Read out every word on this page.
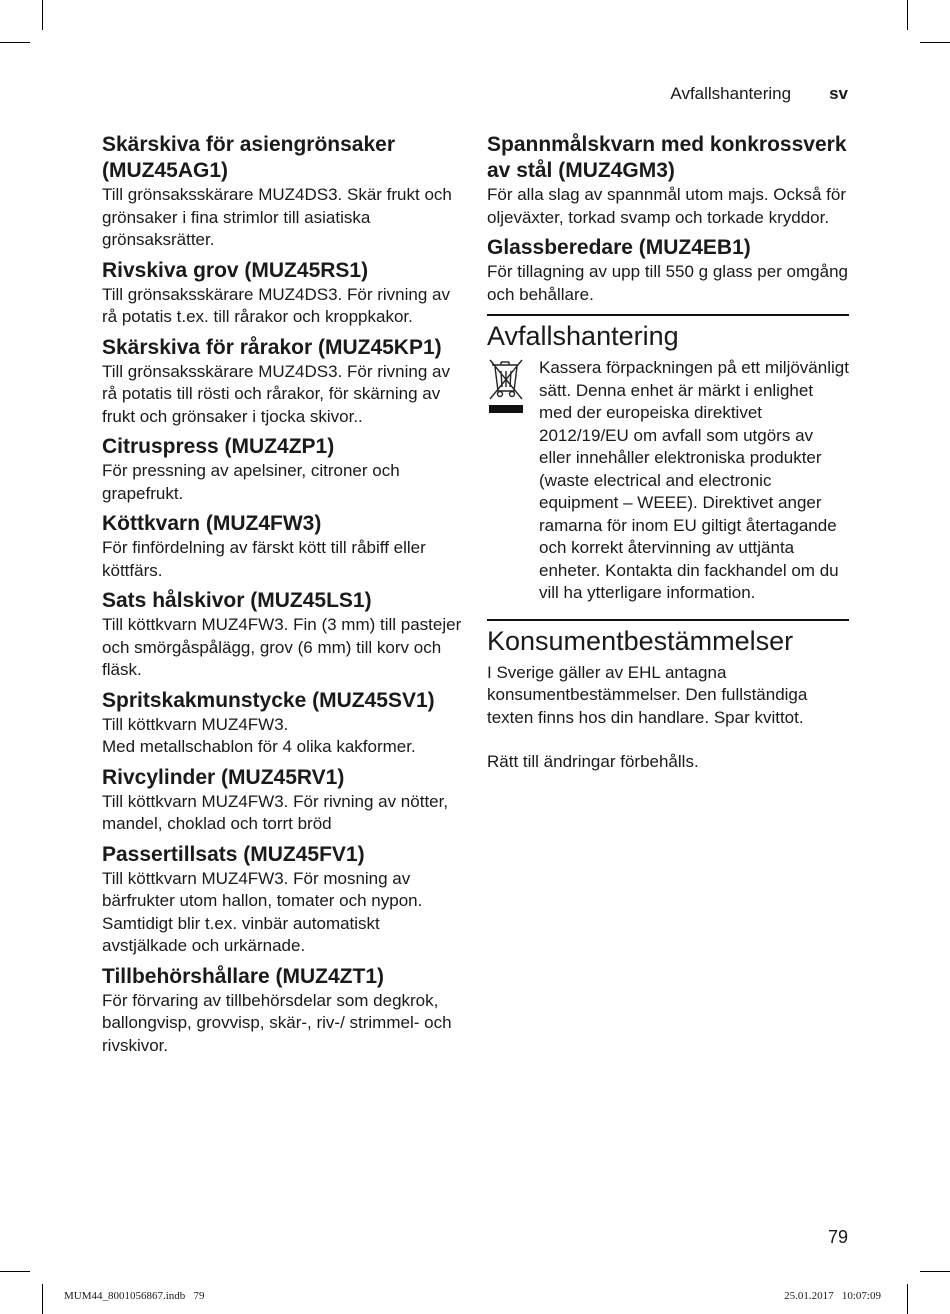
Avfallshantering sv
Skärskiva för asiengrönsaker (MUZ45AG1)

Till grönsaksskärare MUZ4DS3. Skär frukt och grönsaker i fina strimlor till asiatiska grönsaksrätter.

Rivskiva grov (MUZ45RS1)

Till grönsaksskärare MUZ4DS3. För rivning av rå potatis t.ex. till rårakor och kroppkakor.

Skärskiva för rårakor (MUZ45KP1)

Till grönsaksskärare MUZ4DS3. För rivning av rå potatis till rösti och rårakor, för skärning av frukt och grönsaker i tjocka skivor..

Citruspress (MUZ4ZP1)

För pressning av apelsiner, citroner och grapefrukt.

Köttkvarn (MUZ4FW3)

För finfördelning av färskt kött till råbiff eller köttfärs.

Sats hålskivor (MUZ45LS1)

Till köttkvarn MUZ4FW3. Fin (3 mm) till pastejer och smörgåspålägg, grov (6 mm) till korv och fläsk.

Spritskakmunstycke (MUZ45SV1)

Till köttkvarn MUZ4FW3.
Med metallschablon för 4 olika kakformer.

Rivcylinder (MUZ45RV1)

Till köttkvarn MUZ4FW3. För rivning av nötter, mandel, choklad och torrt bröd

Passertillsats (MUZ45FV1)

Till köttkvarn MUZ4FW3. För mosning av bärfrukter utom hallon, tomater och nypon. Samtidigt blir t.ex. vinbär automatiskt avstjälkade och urkärnade.

Tillbehörshållare (MUZ4ZT1)

För förvaring av tillbehörsdelar som degkrok, ballongvisp, grovvisp, skär-, riv-/ strimmel- och rivskivor.

Spannmålskvarn med konkrossverk av stål (MUZ4GM3)

För alla slag av spannmål utom majs. Också för oljeväxter, torkad svamp och torkade kryddor.

Glassberedare (MUZ4EB1)

För tillagning av upp till 550 g glass per omgång och behållare.

Avfallshantering

Kassera förpackningen på ett miljövänligt sätt. Denna enhet är märkt i enlighet med der europeiska direktivet 2012/19/EU om avfall som utgörs av eller innehåller elektroniska produkter (waste electrical and electronic equipment – WEEE). Direktivet anger ramarna för inom EU giltigt återtagande och korrekt återvinning av uttjänta enheter. Kontakta din fackhandel om du vill ha ytterligare information.

Konsumentbestämmelser

I Sverige gäller av EHL antagna konsumentbestämmelser. Den fullständiga texten finns hos din handlare. Spar kvittot.

Rätt till ändringar förbehålls.

79
MUM44_8001056867.indb   79	25.01.2017   10:07:09
